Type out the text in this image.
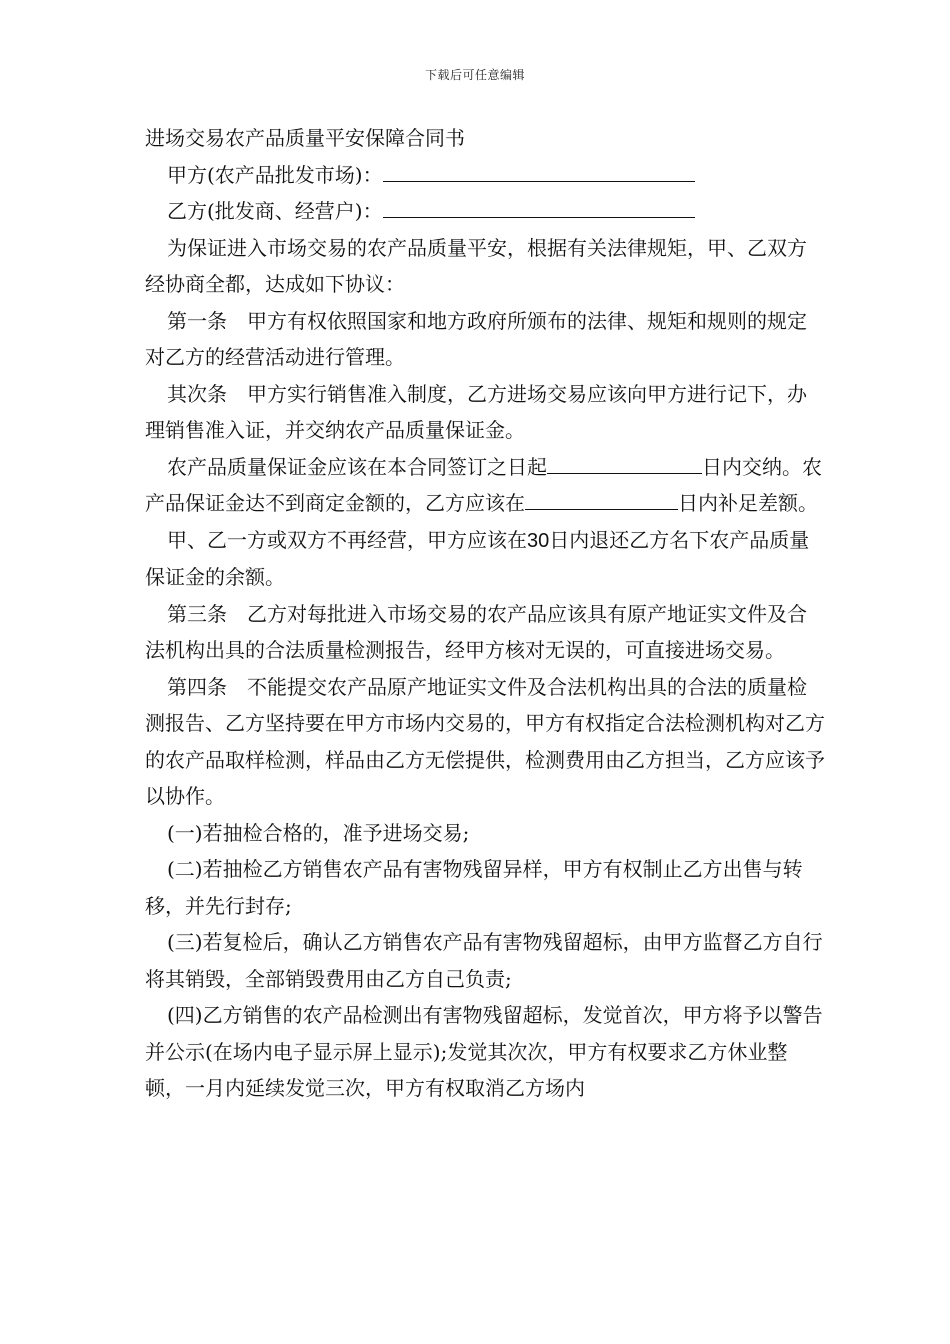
下载后可任意编辑

进场交易农产品质量平安保障合同书

甲方(农产品批发市场)：

乙方(批发商、经营户)：

为保证进入市场交易的农产品质量平安，根据有关法律规矩，甲、乙双方经协商全都，达成如下协议：

第一条　甲方有权依照国家和地方政府所颁布的法律、规矩和规则的规定对乙方的经营活动进行管理。

其次条　甲方实行销售准入制度，乙方进场交易应该向甲方进行记下，办理销售准入证，并交纳农产品质量保证金。

农产品质量保证金应该在本合同签订之日起	日内交纳。农产品保证金达不到商定金额的，乙方应该在	日内补足差额。

甲、乙一方或双方不再经营，甲方应该在30日内退还乙方名下农产品质量保证金的余额。

第三条　乙方对每批进入市场交易的农产品应该具有原产地证实文件及合法机构出具的合法质量检测报告，经甲方核对无误的，可直接进场交易。

第四条　不能提交农产品原产地证实文件及合法机构出具的合法的质量检测报告、乙方坚持要在甲方市场内交易的，甲方有权指定合法检测机构对乙方的农产品取样检测，样品由乙方无偿提供，检测费用由乙方担当，乙方应该予以协作。

(一)若抽检合格的，准予进场交易;

(二)若抽检乙方销售农产品有害物残留异样，甲方有权制止乙方出售与转移，并先行封存;

(三)若复检后，确认乙方销售农产品有害物残留超标，由甲方监督乙方自行将其销毁，全部销毁费用由乙方自己负责;

(四)乙方销售的农产品检测出有害物残留超标，发觉首次，甲方将予以警告并公示(在场内电子显示屏上显示);发觉其次次，甲方有权要求乙方休业整顿，一月内延续发觉三次，甲方有权取消乙方场内
